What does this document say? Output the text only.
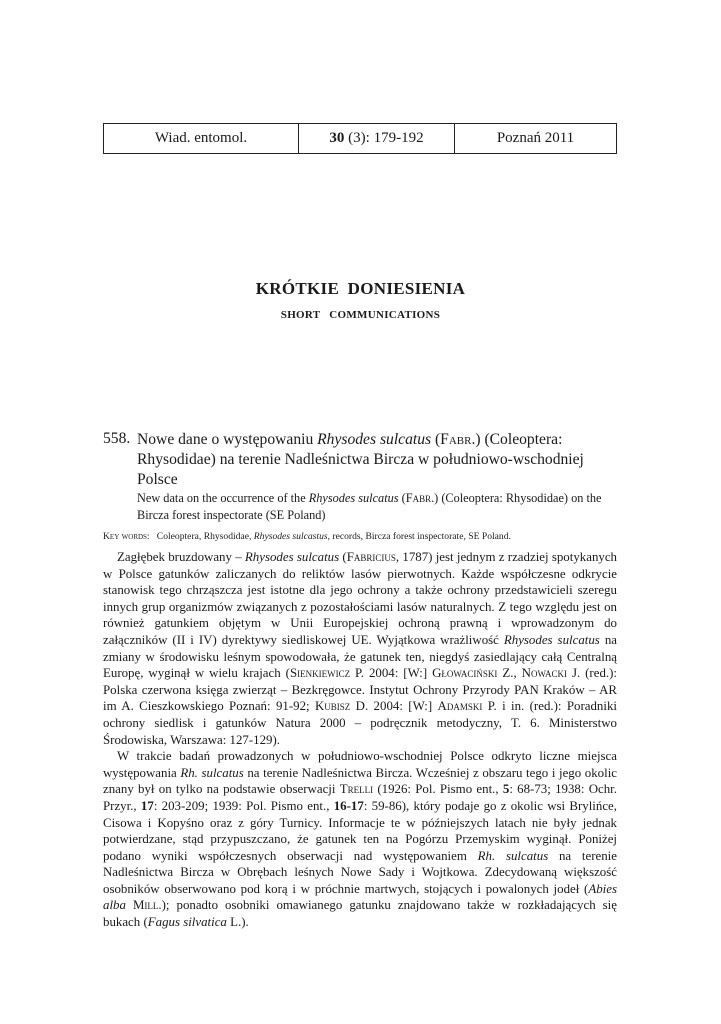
Wiad. entomol.	30 (3): 179-192	Poznań 2011
KRÓTKIE DONIESIENIA
SHORT COMMUNICATIONS
558. Nowe dane o występowaniu Rhysodes sulcatus (Fabr.) (Coleoptera: Rhysodidae) na terenie Nadleśnictwa Bircza w południowo-wschodniej Polsce
New data on the occurrence of the Rhysodes sulcatus (Fabr.) (Coleoptera: Rhysodidae) on the Bircza forest inspectorate (SE Poland)
Key words:   Coleoptera, Rhysodidae, Rhysodes sulcastus, records, Bircza forest inspectorate, SE Poland.

Zagłębek bruzdowany – Rhysodes sulcatus (Fabricius, 1787) jest jednym z rzadziej spotykanych w Polsce gatunków zaliczanych do reliktów lasów pierwotnych. Każde współczesne odkrycie stanowisk tego chrząszcza jest istotne dla jego ochrony a także ochrony przedstawicieli szeregu innych grup organizmów związanych z pozostałościami lasów naturalnych. Z tego względu jest on również gatunkiem objętym w Unii Europejskiej ochroną prawną i wprowadzonym do załączników (II i IV) dyrektywy siedliskowej UE. Wyjątkowa wrażliwość Rhysodes sulcatus na zmiany w środowisku leśnym spowodowała, że gatunek ten, niegdyś zasiedlający całą Centralną Europę, wyginął w wielu krajach (Sienkiewicz P. 2004: [W:] Głowaciński Z., Nowacki J. (red.): Polska czerwona księga zwierząt – Bezkręgowce. Instytut Ochrony Przyrody PAN Kraków – AR im A. Cieszkowskiego Poznań: 91-92; Kubisz D. 2004: [W:] Adamski P. i in. (red.): Poradniki ochrony siedlisk i gatunków Natura 2000 – podręcznik metodyczny, T. 6. Ministerstwo Środowiska, Warszawa: 127-129).

W trakcie badań prowadzonych w południowo-wschodniej Polsce odkryto liczne miejsca występowania Rh. sulcatus na terenie Nadleśnictwa Bircza. Wcześniej z obszaru tego i jego okolic znany był on tylko na podstawie obserwacji Trelli (1926: Pol. Pismo ent., 5: 68-73; 1938: Ochr. Przyr., 17: 203-209; 1939: Pol. Pismo ent., 16-17: 59-86), który podaje go z okolic wsi Brylińce, Cisowa i Kopyśno oraz z góry Turnicy. Informacje te w późniejszych latach nie były jednak potwierdzane, stąd przypuszczano, że gatunek ten na Pogórzu Przemyskim wyginął. Poniżej podano wyniki współczesnych obserwacji nad występowaniem Rh. sulcatus na terenie Nadleśnictwa Bircza w Obrębach leśnych Nowe Sady i Wojtkowa. Zdecydowaną większość osobników obserwowano pod korą i w próchnie martwych, stojących i powalonych jodeł (Abies alba Mill.); ponadto osobniki omawianego gatunku znajdowano także w rozkładających się bukach (Fagus silvatica L.).
